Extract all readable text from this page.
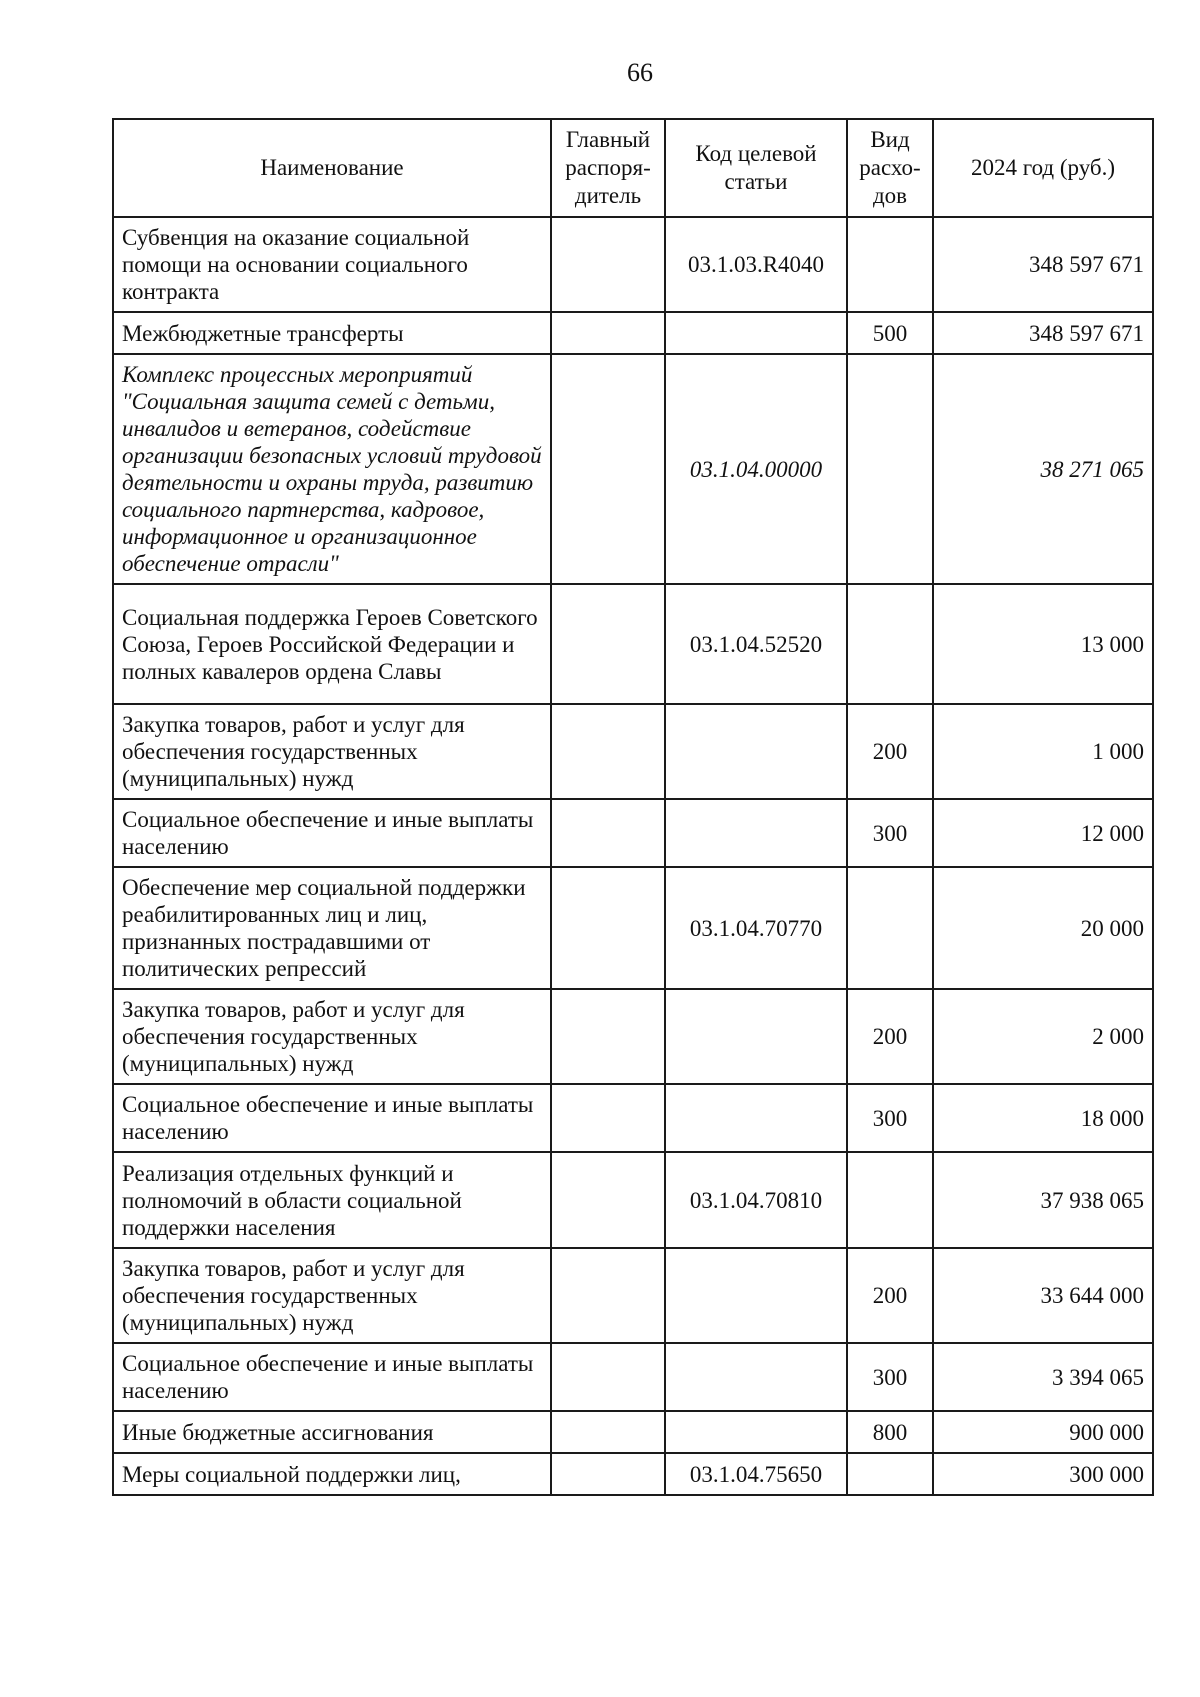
66
Наименование	Главный распоря-дитель	Код целевой статьи	Вид расхо-дов	2024 год (руб.)
Субвенция на оказание социальной помощи на основании социального контракта		03.1.03.R4040		348 597 671
Межбюджетные трансферты			500	348 597 671
Комплекс процессных мероприятий "Социальная защита семей с детьми, инвалидов и ветеранов, содействие организации безопасных условий трудовой деятельности и охраны труда, развитию социального партнерства, кадровое, информационное и организационное обеспечение отрасли"		03.1.04.00000		38 271 065
Социальная поддержка Героев Советского Союза, Героев Российской Федерации и полных кавалеров ордена Славы		03.1.04.52520		13 000
Закупка товаров, работ и услуг для обеспечения государственных (муниципальных) нужд			200	1 000
Социальное обеспечение и иные выплаты населению			300	12 000
Обеспечение мер социальной поддержки реабилитированных лиц и лиц, признанных пострадавшими от политических репрессий		03.1.04.70770		20 000
Закупка товаров, работ и услуг для обеспечения государственных (муниципальных) нужд			200	2 000
Социальное обеспечение и иные выплаты населению			300	18 000
Реализация отдельных функций и полномочий в области социальной поддержки населения		03.1.04.70810		37 938 065
Закупка товаров, работ и услуг для обеспечения государственных (муниципальных) нужд			200	33 644 000
Социальное обеспечение и иные выплаты населению			300	3 394 065
Иные бюджетные ассигнования			800	900 000
Меры социальной поддержки лиц,		03.1.04.75650		300 000
